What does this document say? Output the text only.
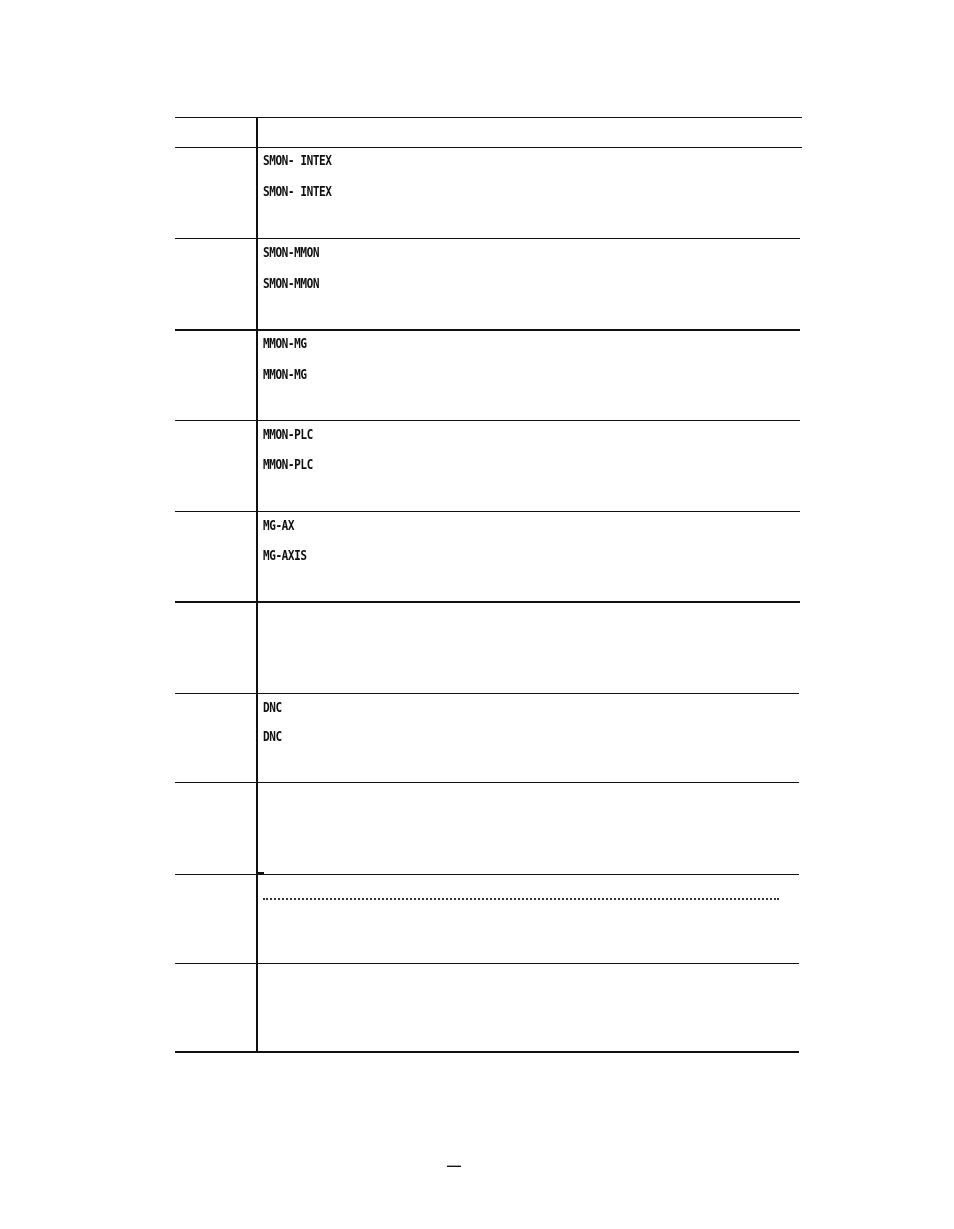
SMON- INTEX
SMON- INTEX
SMON-MMON
SMON-MMON
MMON-MG
MMON-MG
MMON-PLC
MMON-PLC
MG-AX
MG-AXIS
DNC
DNC
—
